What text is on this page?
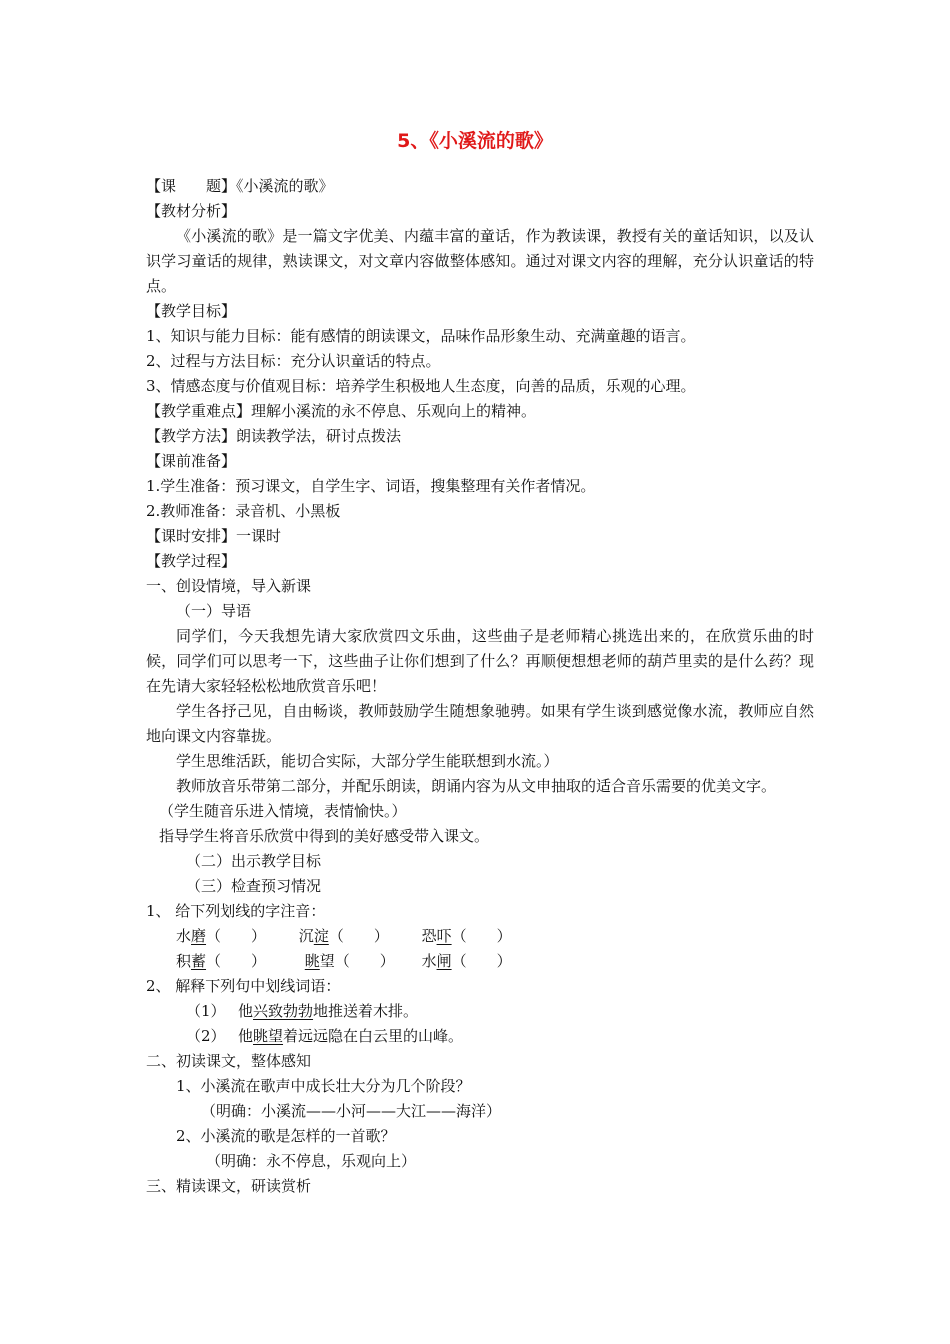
5、《小溪流的歌》
【课　　题】《小溪流的歌》
【教材分析】
《小溪流的歌》是一篇文字优美、内蕴丰富的童话，作为教读课，教授有关的童话知识，以及认识学习童话的规律，熟读课文，对文章内容做整体感知。通过对课文内容的理解，充分认识童话的特点。
【教学目标】
1、知识与能力目标：能有感情的朗读课文，品味作品形象生动、充满童趣的语言。
2、过程与方法目标：充分认识童话的特点。
3、情感态度与价值观目标：培养学生积极地人生态度，向善的品质，乐观的心理。
【教学重难点】理解小溪流的永不停息、乐观向上的精神。
【教学方法】朗读教学法，研讨点拨法
【课前准备】
1.学生准备：预习课文，自学生字、词语，搜集整理有关作者情况。
2.教师准备：录音机、小黑板
【课时安排】一课时
【教学过程】
一、创设情境，导入新课
（一）导语
同学们，今天我想先请大家欣赏四文乐曲，这些曲子是老师精心挑选出来的，在欣赏乐曲的时候，同学们可以思考一下，这些曲子让你们想到了什么？再顺便想想老师的葫芦里卖的是什么药？现在先请大家轻轻松松地欣赏音乐吧！
学生各抒己见，自由畅谈，教师鼓励学生随想象驰骋。如果有学生谈到感觉像水流，教师应自然地向课文内容靠拢。
学生思维活跃，能切合实际，大部分学生能联想到水流。）
教师放音乐带第二部分，并配乐朗读，朗诵内容为从文申抽取的适合音乐需要的优美文字。
（学生随音乐进入情境，表情愉快。）
指导学生将音乐欣赏中得到的美好感受带入课文。
（二）出示教学目标
（三）检查预习情况
1、 给下列划线的字注音：
水磨（　　） 沉淀（　　） 恐吓（　　）
积蓄（　　）	眺望（　　） 水闸（　　）
2、 解释下列句中划线词语：
（1） 他兴致勃勃地推送着木排。
（2） 他眺望着远远隐在白云里的山峰。
二、初读课文，整体感知
1、小溪流在歌声中成长壮大分为几个阶段？
（明确：小溪流——小河——大江——海洋）
2、小溪流的歌是怎样的一首歌？
（明确：永不停息，乐观向上）
三、精读课文，研读赏析
